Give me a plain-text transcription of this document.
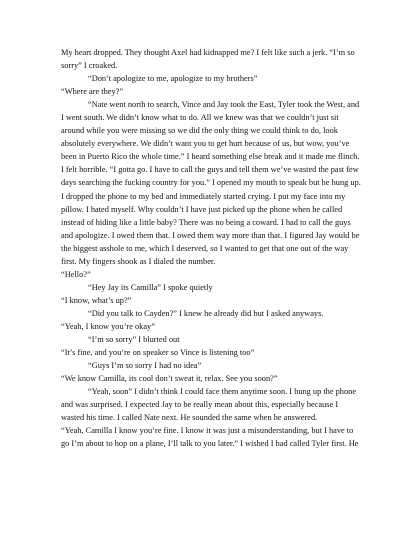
My heart dropped. They thought Axel had kidnapped me? I felt like such a jerk. “I’m so

sorry” I croaked.

“Don’t apologize to me, apologize to my brothers”

“Where are they?”

“Nate went north to search, Vince and Jay took the East, Tyler took the West, and

I went south. We didn’t know what to do. All we knew was that we couldn’t just sit

around while you were missing so we did the only thing we could think to do, look

absolutely everywhere. We didn’t want you to get hurt because of us, but wow, you’ve

been in Puerto Rico the whole time.” I heard something else break and it made me flinch.

I felt horrible. “I gotta go. I have to call the guys and tell them we’ve wasted the past few

days searching the fucking country for you.” I opened my mouth to speak but he hung up.

I dropped the phone to my bed and immediately started crying. I put my face into my

pillow. I hated myself. Why couldn’t I have just picked up the phone when he called

instead of hiding like a little baby? There was no being a coward. I had to call the guys

and apologize. I owed them that. I owed them way more than that. I figured Jay would be

the biggest asshole to me, which I deserved, so I wanted to get that one out of the way

first. My fingers shook as I dialed the number.

“Hello?”

“Hey Jay its Camilla” I spoke quietly

“I know, what’s up?”

“Did you talk to Cayden?” I knew he already did but I asked anyways.

“Yeah, I know you’re okay”

“I’m so sorry” I blurted out

“It’s fine, and you’re on speaker so Vince is listening too”

“Guys I’m so sorry I had no idea”

“We know Camilla, its cool don’t sweat it, relax. See you soon?”

“Yeah, soon” I didn’t think I could face them anytime soon. I hung up the phone

and was surprised. I expected Jay to be really mean about this, especially because I

wasted his time. I called Nate next. He sounded the same when he answered.

“Yeah, Camilla I know you’re fine. I know it was just a misunderstanding, but I have to

go I’m about to hop on a plane, I’ll talk to you later.” I wished I had called Tyler first. He
